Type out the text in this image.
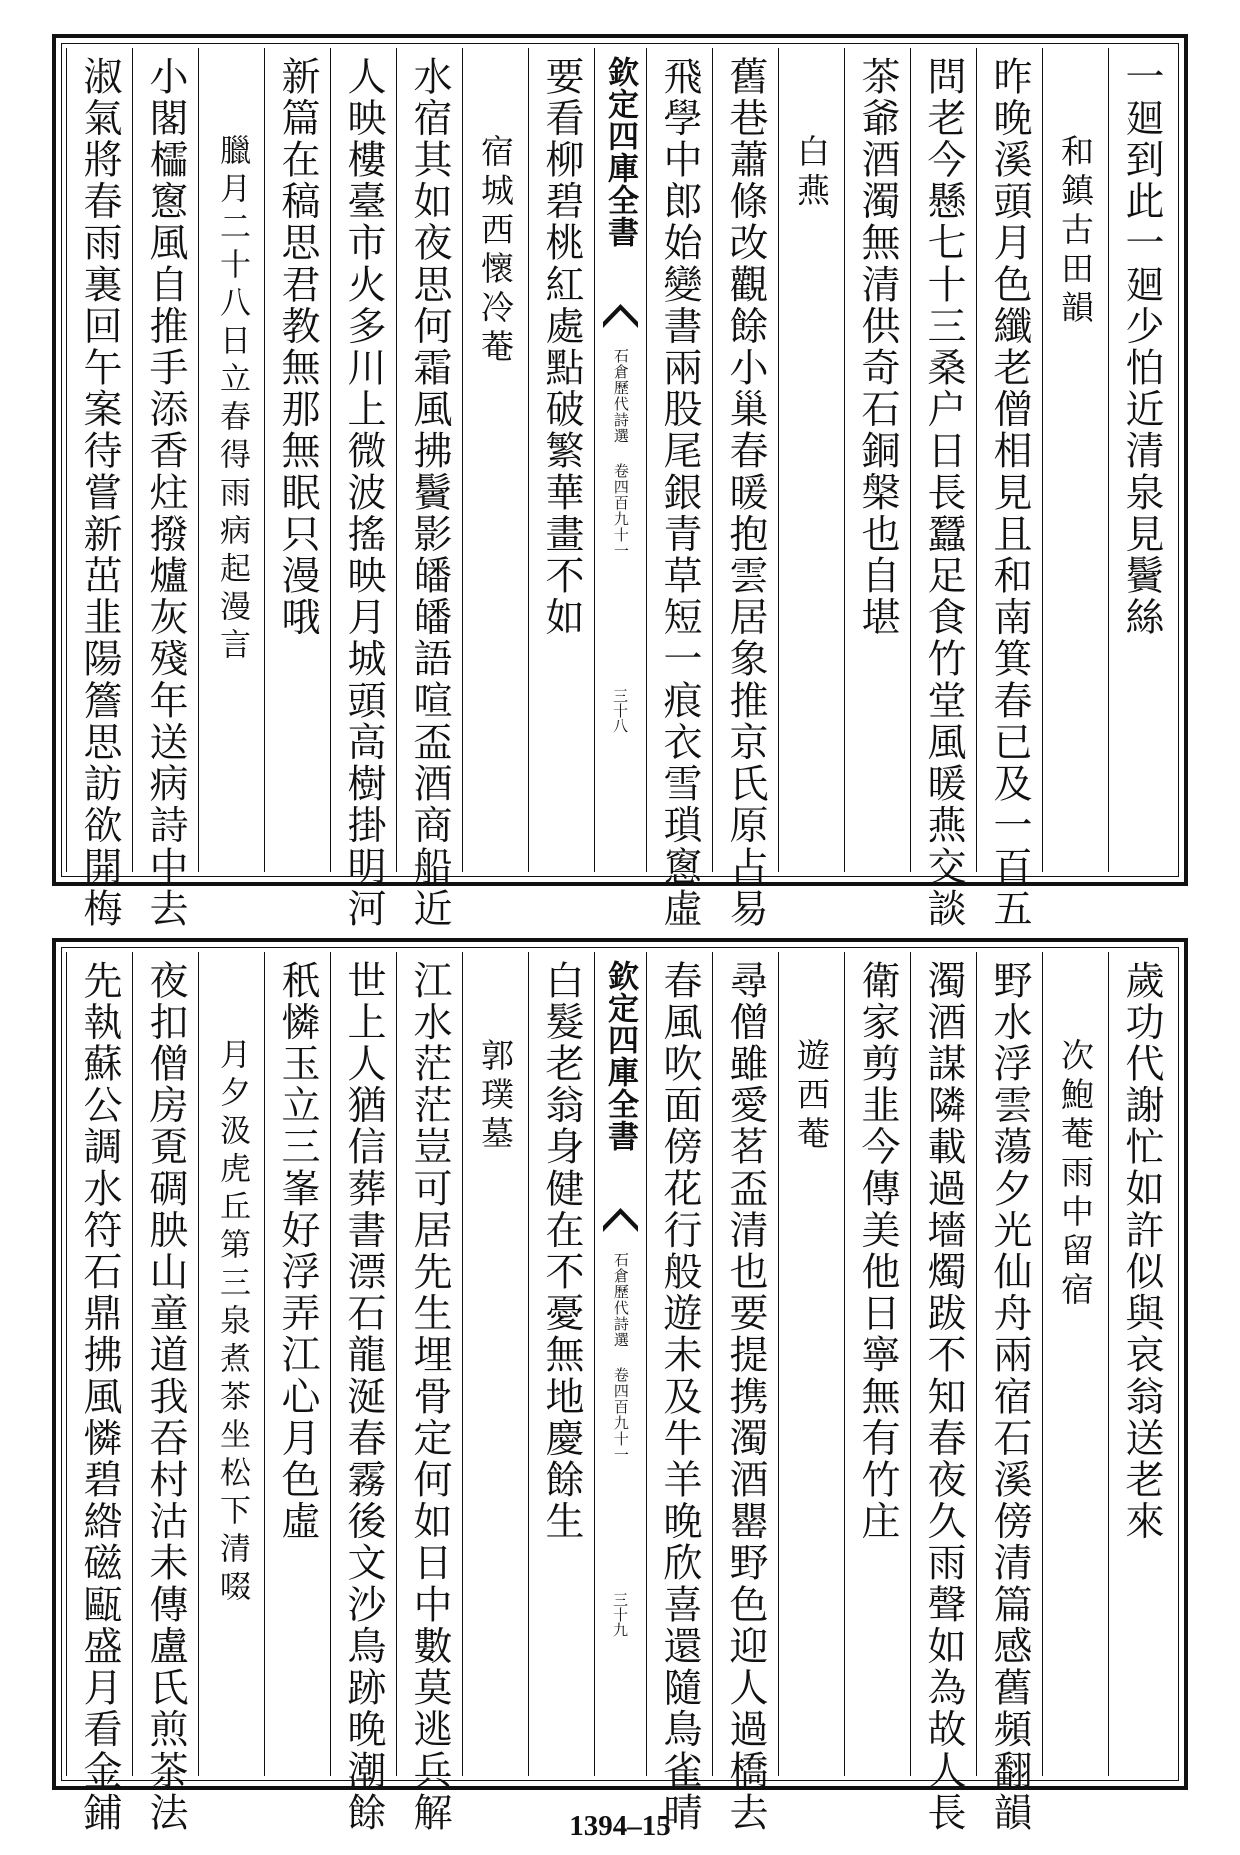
一廻到此一廻少怕近清泉見鬢絲
和鎮古田韻
昨晚溪頭月色纖老僧相見且和南箕春已及一百五
問老今懸七十三桑户日長蠶足食竹堂風暖燕交談
茶爺酒濁無清供奇石銅槃也自堪
白燕
舊巷蕭條改觀餘小巢春暖抱雲居象推京氏原占易
飛學中郎始變書兩股尾銀青草短一痕衣雪瑣窻虛
欽定四庫全書
石倉歷代詩選 卷四百九十一
三十八
要看柳碧桃紅處點破繁華畫不如
宿城西懷冷菴
水宿其如夜思何霜風拂鬢影皤皤語喧盃酒商船近
人映樓臺市火多川上微波搖映月城頭高樹掛明河
新篇在稿思君教無那無眠只漫哦
臘月二十八日立春得雨病起漫言
小閣櫺窻風自推手添香炷撥爐灰殘年送病詩中去
淑氣將春雨裏回午案待嘗新茁韭陽簷思訪欲開梅
歲功代謝忙如許似與哀翁送老來
次鮑菴雨中留宿
野水浮雲蕩夕光仙舟兩宿石溪傍清篇感舊頻翻韻
濁酒謀隣載過墻燭跋不知春夜久雨聲如為故人長
衛家剪韭今傳美他日寧無有竹庄
遊西菴
尋僧雖愛茗盃清也要提携濁酒罌野色迎人過橋去
春風吹面傍花行般遊未及牛羊晚欣喜還隨鳥雀晴
欽定四庫全書
石倉歷代詩選 卷四百九十一
三十九
白髮老翁身健在不憂無地慶餘生
郭璞墓
江水茫茫豈可居先生埋骨定何如日中數莫逃兵解
世上人猶信葬書漂石龍涎春霧後文沙鳥跡晚潮餘
秖憐玉立三峯好浮弄江心月色虛
月夕汲虎丘第三泉煮茶坐松下清啜
夜扣僧房覔碉胦山童道我吞村沽未傳盧氏煎茶法
先執蘇公調水符石鼎拂風憐碧綹磁甌盛月看金鋪	1394–15
